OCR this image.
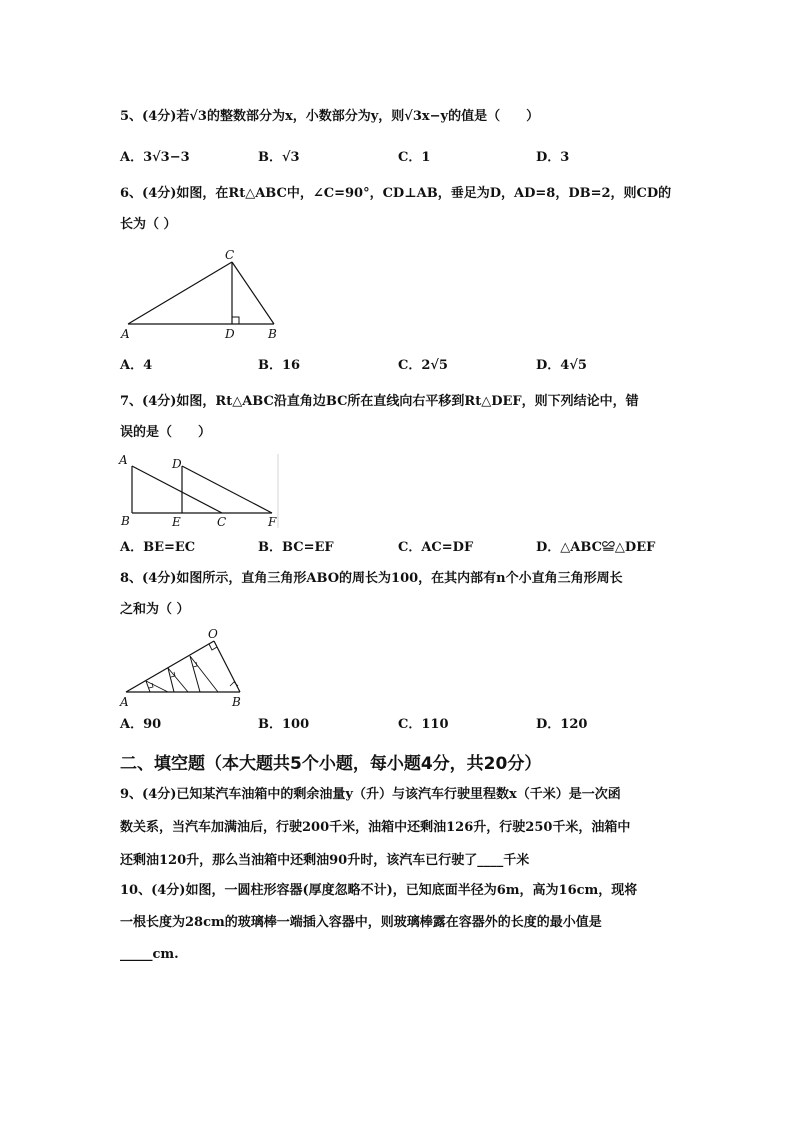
5、(4分)若√3的整数部分为x，小数部分为y，则√3x−y的值是（　　）
A．3√3−3	B．√3	C．1	D．3
6、(4分)如图，在Rt△ABC中，∠C=90°，CD⊥AB，垂足为D，AD=8，DB=2，则CD的
长为（ ）
C
A	D	B
A．4	B．16	C．2√5	D．4√5
7、(4分)如图，Rt△ABC沿直角边BC所在直线向右平移到Rt△DEF，则下列结论中，错
误的是（　　）
A	D
B	E	C	F
A．BE=EC	B．BC=EF	C．AC=DF	D．△ABC≌△DEF
8、(4分)如图所示，直角三角形ABO的周长为100，在其内部有n个小直角三角形周长
之和为（ ）
O
A	B
A．90	B．100	C．110	D．120
二、填空题（本大题共5个小题，每小题4分，共20分）
9、(4分)已知某汽车油箱中的剩余油量y（升）与该汽车行驶里程数x（千米）是一次函
数关系，当汽车加满油后，行驶200千米，油箱中还剩油126升，行驶250千米，油箱中
还剩油120升，那么当油箱中还剩油90升时，该汽车已行驶了____千米
10、(4分)如图，一圆柱形容器(厚度忽略不计)，已知底面半径为6m，高为16cm，现将
一根长度为28cm的玻璃棒一端插入容器中，则玻璃棒露在容器外的长度的最小值是
_____cm.
